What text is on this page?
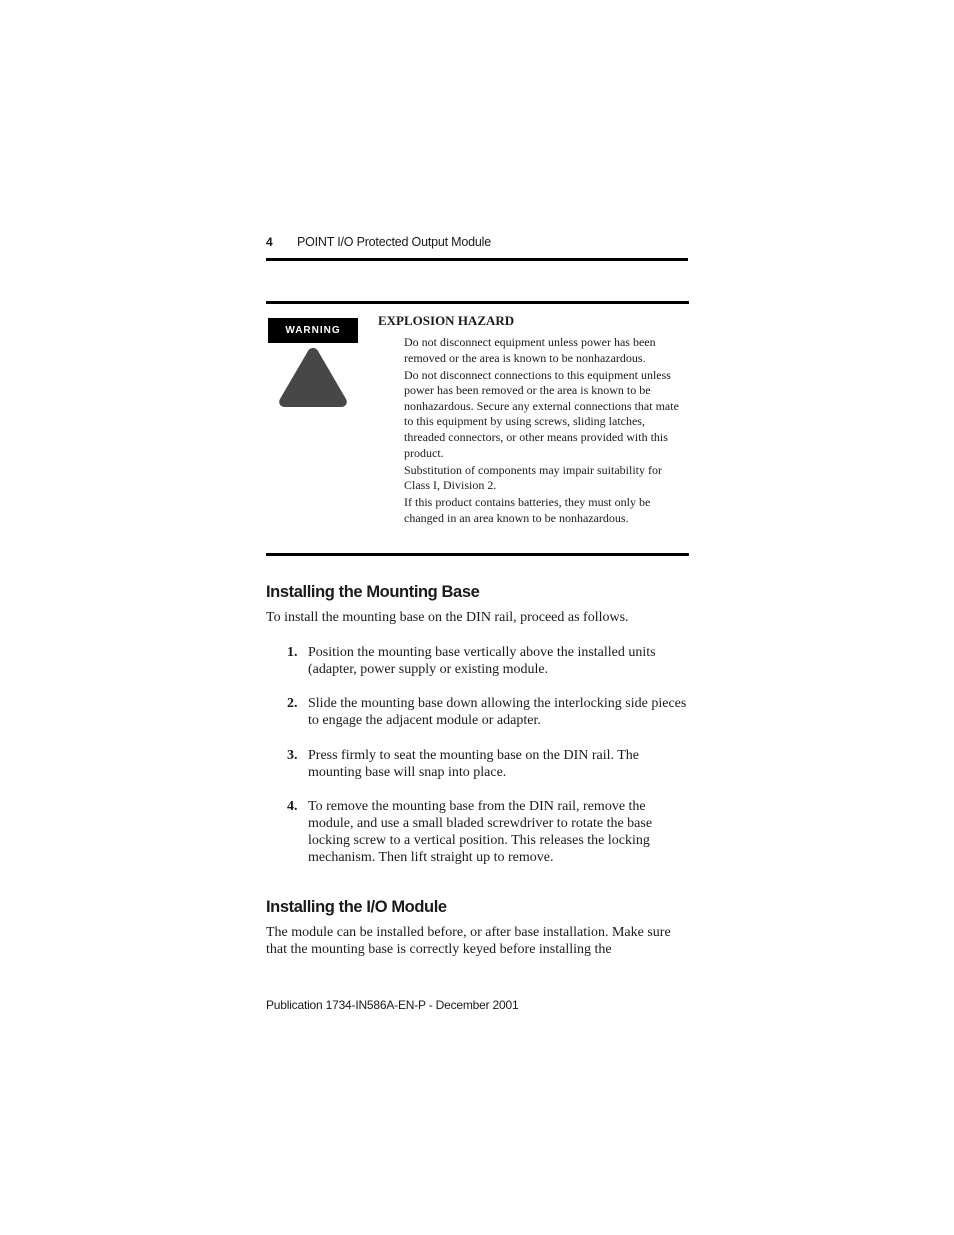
4 POINT I/O Protected Output Module
WARNING
EXPLOSION HAZARD

Do not disconnect equipment unless power has been removed or the area is known to be nonhazardous.

Do not disconnect connections to this equipment unless power has been removed or the area is known to be nonhazardous. Secure any external connections that mate to this equipment by using screws, sliding latches, threaded connectors, or other means provided with this product.

Substitution of components may impair suitability for Class I, Division 2.

If this product contains batteries, they must only be changed in an area known to be nonhazardous.

Installing the Mounting Base
To install the mounting base on the DIN rail, proceed as follows.
1. Position the mounting base vertically above the installed units (adapter, power supply or existing module.
2. Slide the mounting base down allowing the interlocking side pieces to engage the adjacent module or adapter.
3. Press firmly to seat the mounting base on the DIN rail. The mounting base will snap into place.
4. To remove the mounting base from the DIN rail, remove the module, and use a small bladed screwdriver to rotate the base locking screw to a vertical position. This releases the locking mechanism. Then lift straight up to remove.
Installing the I/O Module
The module can be installed before, or after base installation. Make sure that the mounting base is correctly keyed before installing the
Publication 1734-IN586A-EN-P - December 2001
